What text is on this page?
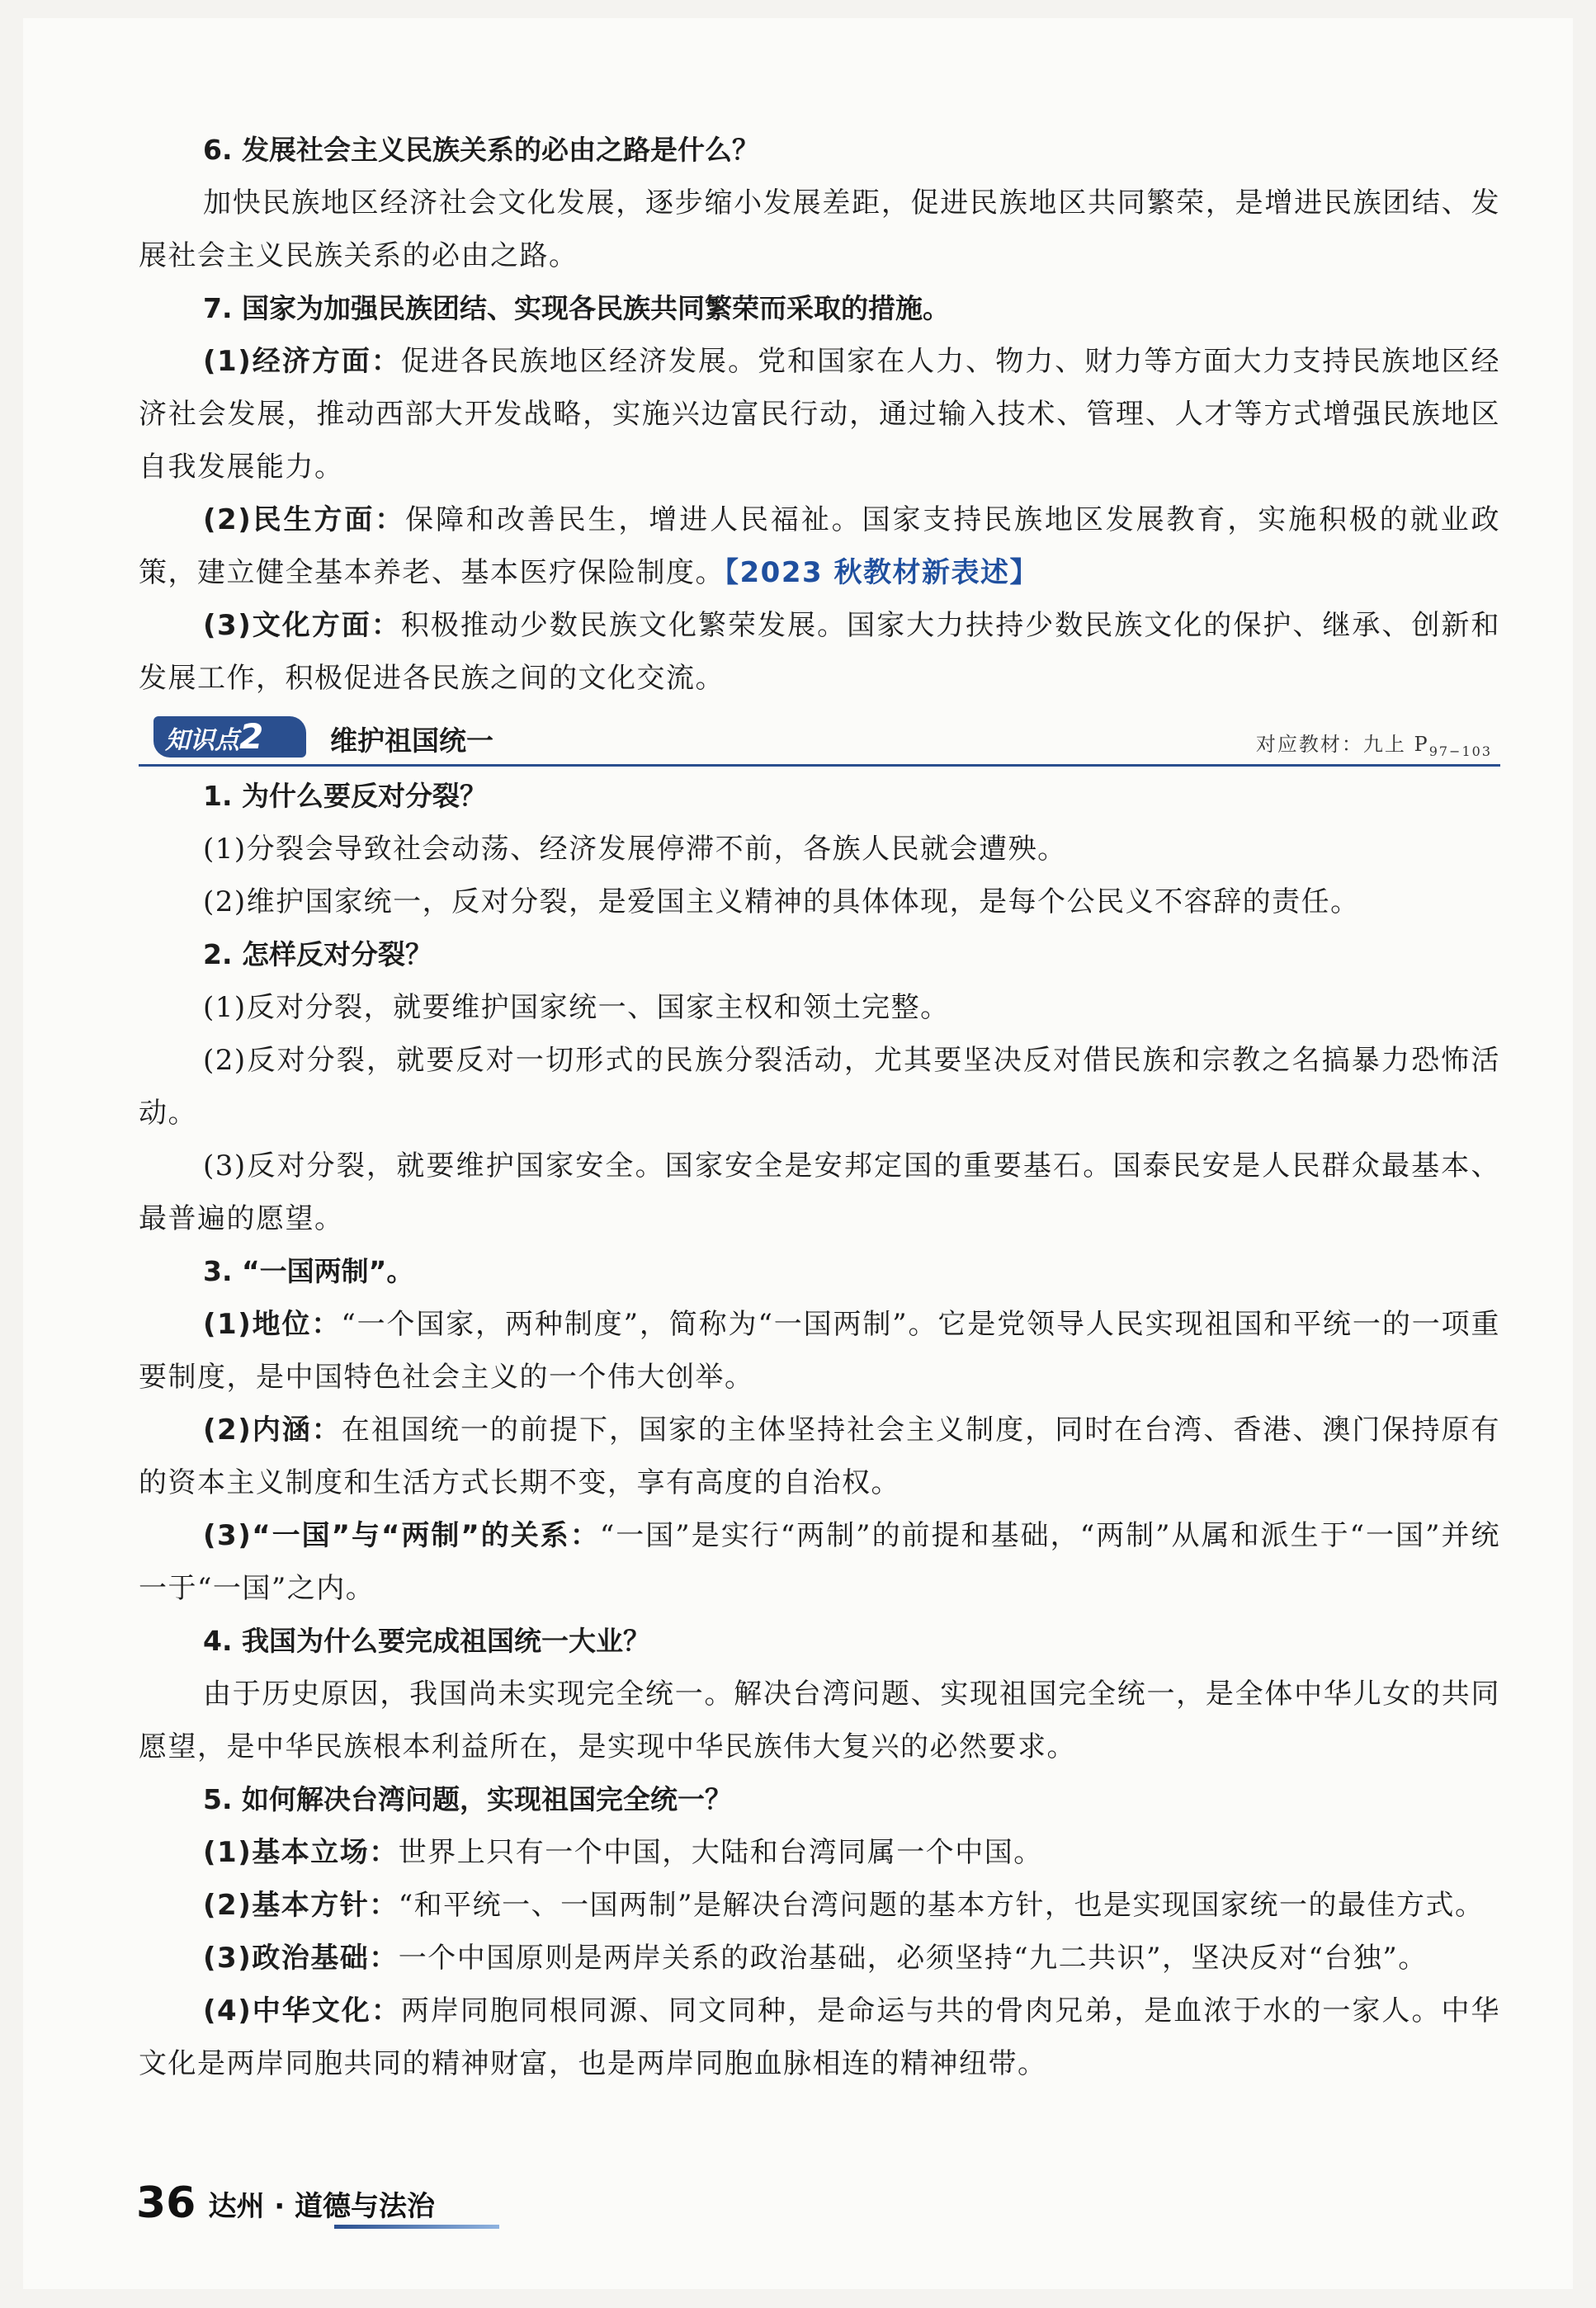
6. 发展社会主义民族关系的必由之路是什么？

加快民族地区经济社会文化发展，逐步缩小发展差距，促进民族地区共同繁荣，是增进民族团结、发展社会主义民族关系的必由之路。

7. 国家为加强民族团结、实现各民族共同繁荣而采取的措施。

(1)经济方面：促进各民族地区经济发展。党和国家在人力、物力、财力等方面大力支持民族地区经济社会发展，推动西部大开发战略，实施兴边富民行动，通过输入技术、管理、人才等方式增强民族地区自我发展能力。

(2)民生方面：保障和改善民生，增进人民福祉。国家支持民族地区发展教育，实施积极的就业政策，建立健全基本养老、基本医疗保险制度。【2023 秋教材新表述】

(3)文化方面：积极推动少数民族文化繁荣发展。国家大力扶持少数民族文化的保护、继承、创新和发展工作，积极促进各民族之间的文化交流。

知识点2	维护祖国统一	对应教材：九上 $P_{97-103}$

1. 为什么要反对分裂？

(1)分裂会导致社会动荡、经济发展停滞不前，各族人民就会遭殃。

(2)维护国家统一，反对分裂，是爱国主义精神的具体体现，是每个公民义不容辞的责任。

2. 怎样反对分裂？

(1)反对分裂，就要维护国家统一、国家主权和领土完整。

(2)反对分裂，就要反对一切形式的民族分裂活动，尤其要坚决反对借民族和宗教之名搞暴力恐怖活动。

(3)反对分裂，就要维护国家安全。国家安全是安邦定国的重要基石。国泰民安是人民群众最基本、最普遍的愿望。

3. “一国两制”。

(1)地位：“一个国家，两种制度”，简称为“一国两制”。它是党领导人民实现祖国和平统一的一项重要制度，是中国特色社会主义的一个伟大创举。

(2)内涵：在祖国统一的前提下，国家的主体坚持社会主义制度，同时在台湾、香港、澳门保持原有的资本主义制度和生活方式长期不变，享有高度的自治权。

(3)“一国”与“两制”的关系：“一国”是实行“两制”的前提和基础，“两制”从属和派生于“一国”并统一于“一国”之内。

4. 我国为什么要完成祖国统一大业？

由于历史原因，我国尚未实现完全统一。解决台湾问题、实现祖国完全统一，是全体中华儿女的共同愿望，是中华民族根本利益所在，是实现中华民族伟大复兴的必然要求。

5. 如何解决台湾问题，实现祖国完全统一？

(1)基本立场：世界上只有一个中国，大陆和台湾同属一个中国。

(2)基本方针：“和平统一、一国两制”是解决台湾问题的基本方针，也是实现国家统一的最佳方式。

(3)政治基础：一个中国原则是两岸关系的政治基础，必须坚持“九二共识”，坚决反对“台独”。

(4)中华文化：两岸同胞同根同源、同文同种，是命运与共的骨肉兄弟，是血浓于水的一家人。中华文化是两岸同胞共同的精神财富，也是两岸同胞血脉相连的精神纽带。

36 达州 · 道德与法治
